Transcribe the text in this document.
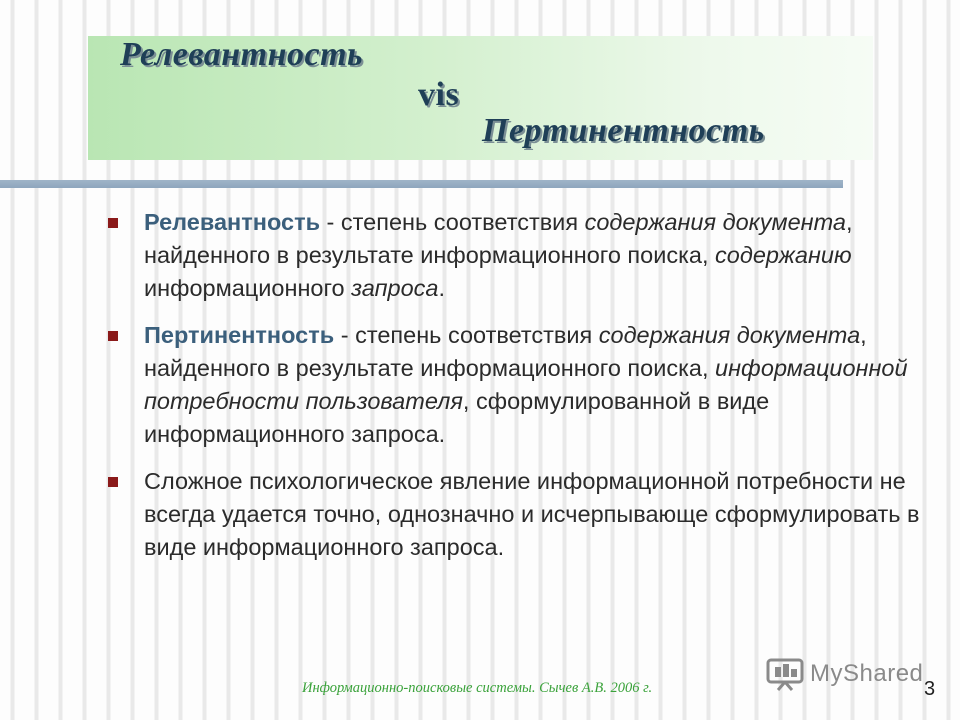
Релевантность
vis
Пертинентность
Релевантность - степень соответствия содержания документа, найденного в результате информационного поиска, содержанию информационного запроса.
Пертинентность - степень соответствия содержания документа, найденного в результате информационного поиска, информационной потребности пользователя, сформулированной в виде информационного запроса.
Сложное психологическое явление информационной потребности не всегда удается точно, однозначно и исчерпывающе сформулировать в виде информационного запроса.
Информационно-поисковые системы. Сычев А.В. 2006 г.
MyShared
3
